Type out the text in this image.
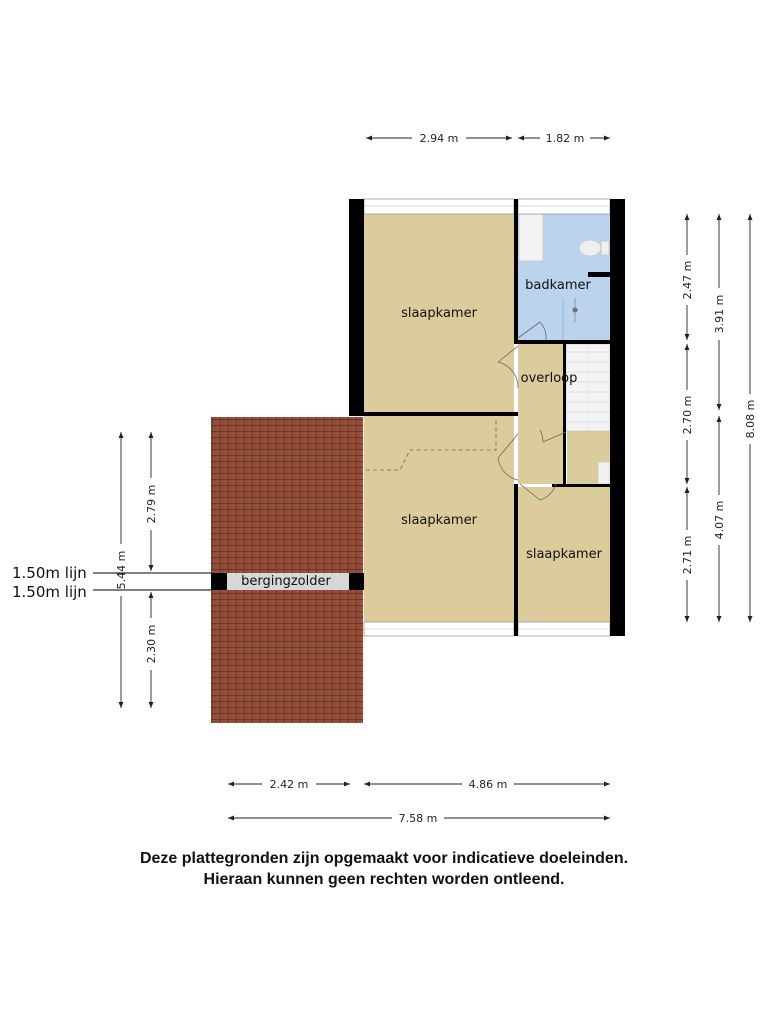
slaapkamer
badkamer
overloop
slaapkamer
slaapkamer
bergingzolder
1.50m lijn
1.50m lijn
2.94 m	1.82 m
2.42 m	4.86 m
7.58 m
2.47 m
2.70 m
2.71 m
3.91 m
4.07 m
8.08 m
5.44 m
2.79 m
2.30 m
Deze plattegronden zijn opgemaakt voor indicatieve doeleinden.
Hieraan kunnen geen rechten worden ontleend.
